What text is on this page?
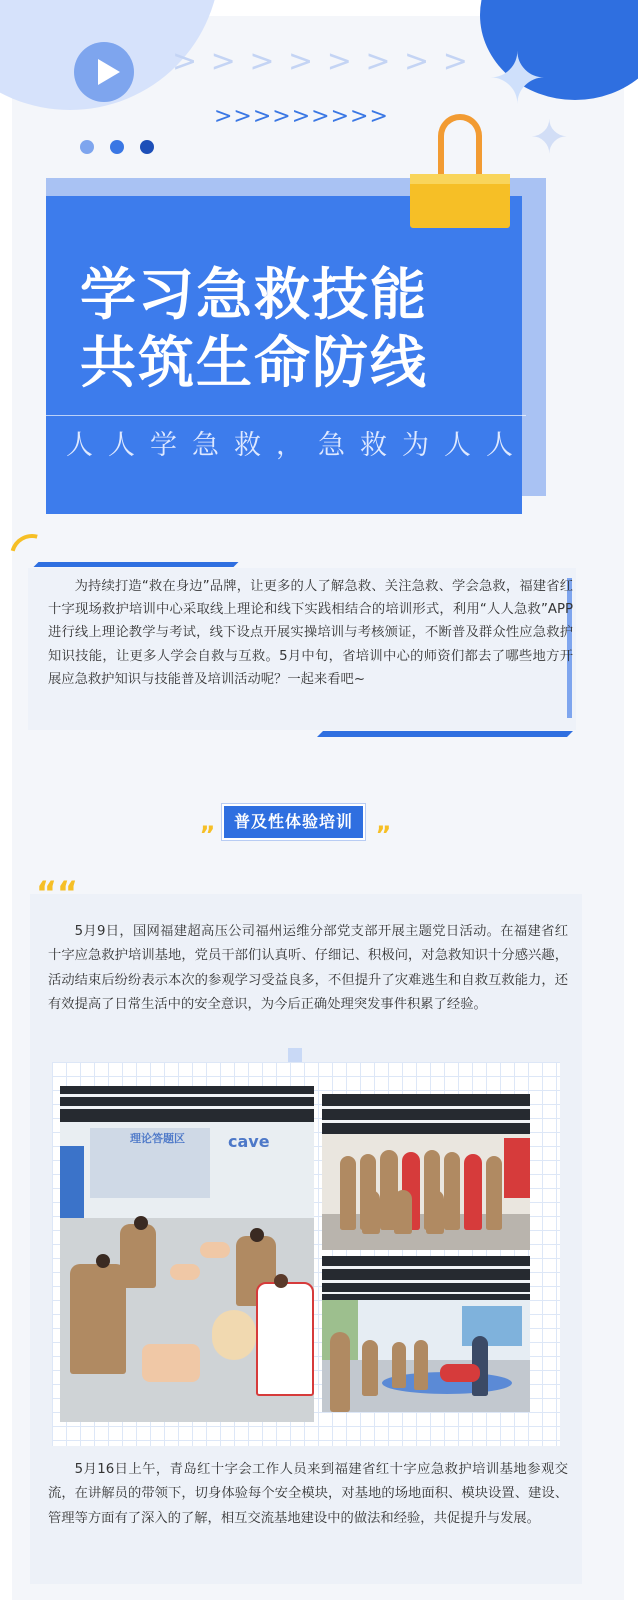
> > > > > > > >
>>>>>>>>> ✦
✦
学习急救技能
共筑生命防线
人人学急救，急救为人人

为持续打造“救在身边”品牌，让更多的人了解急救、关注急救、学会急救，福建省红十字现场救护培训中心采取线上理论和线下实践相结合的培训形式，利用“人人急救”APP进行线上理论教学与考试，线下设点开展实操培训与考核颁证，不断普及群众性应急救护知识技能，让更多人学会自救与互救。5月中旬，省培训中心的师资们都去了哪些地方开展应急救护知识与技能普及培训活动呢？一起来看吧~

„	普及性体验培训 „
““

5月9日，国网福建超高压公司福州运维分部党支部开展主题党日活动。在福建省红十字应急救护培训基地，党员干部们认真听、仔细记、积极问，对急救知识十分感兴趣，活动结束后纷纷表示本次的参观学习受益良多，不但提升了灾难逃生和自救互救能力，还有效提高了日常生活中的安全意识，为今后正确处理突发事件积累了经验。

理论答题区	cave

5月16日上午，青岛红十字会工作人员来到福建省红十字应急救护培训基地参观交流，在讲解员的带领下，切身体验每个安全模块，对基地的场地面积、模块设置、建设、管理等方面有了深入的了解，相互交流基地建设中的做法和经验，共促提升与发展。
